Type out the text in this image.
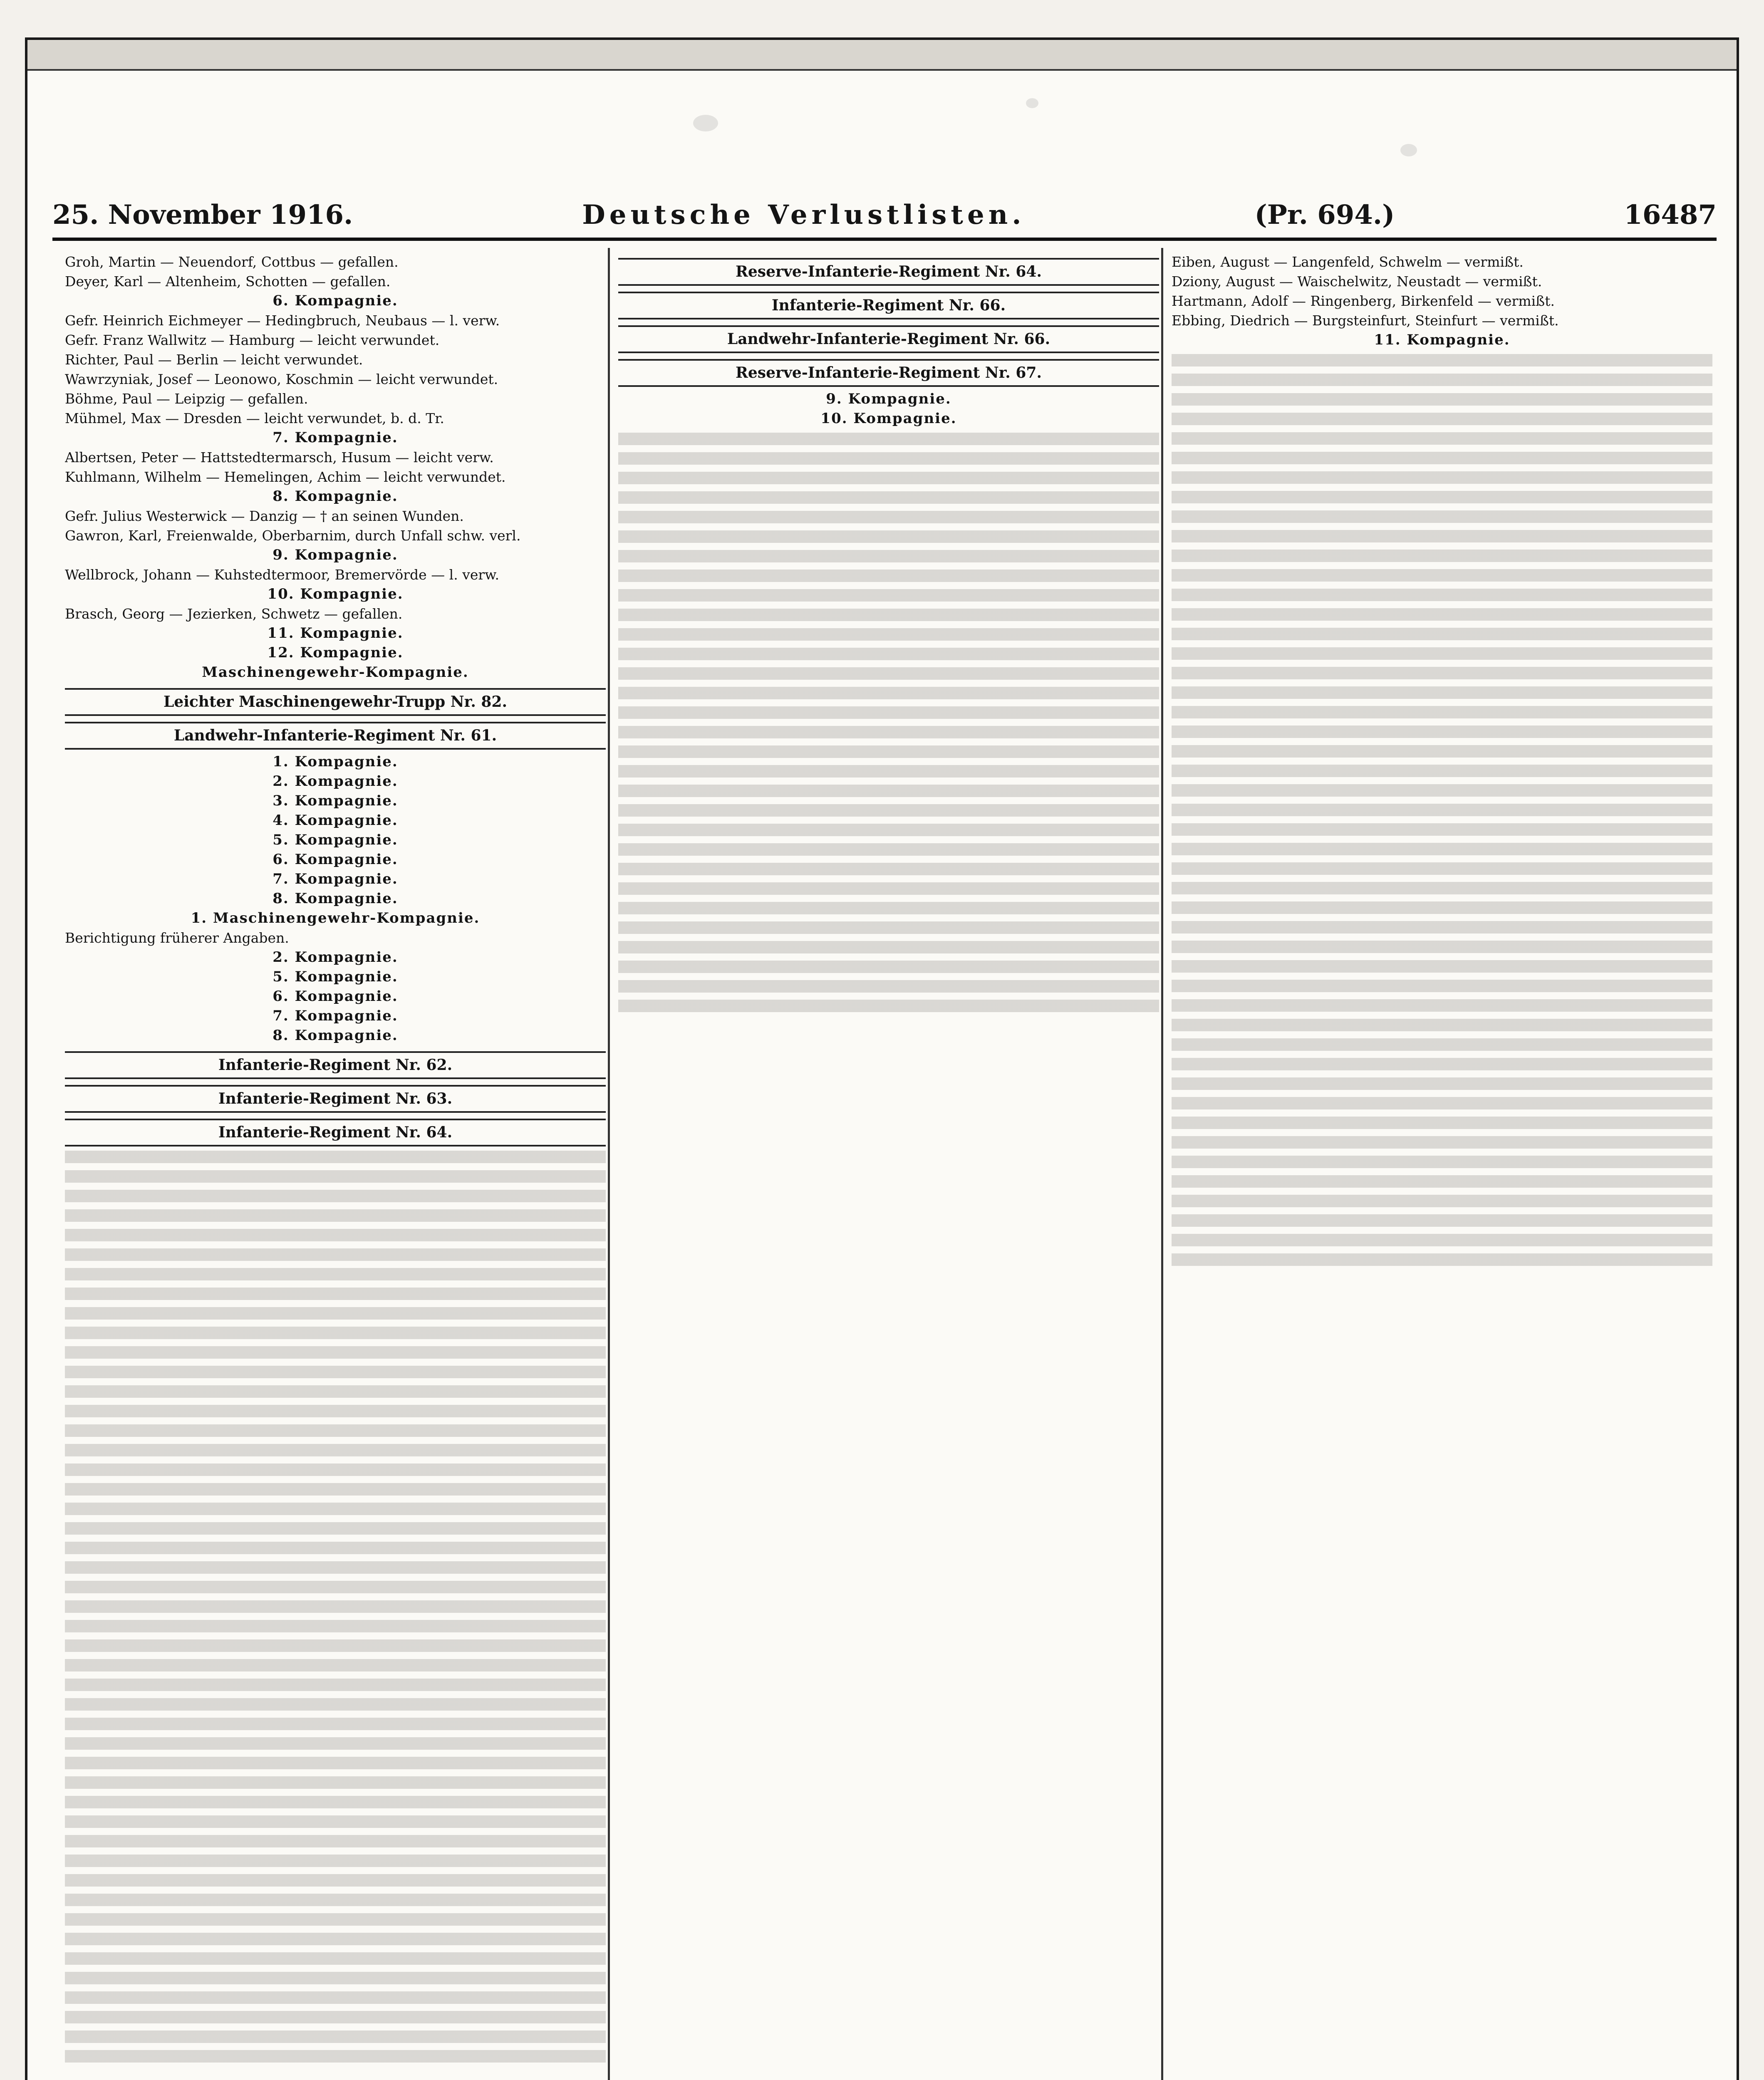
25. November 1916.	Deutsche Verlustlisten.	(Pr. 694.)	16487
Groh, Martin — Neuendorf, Cottbus — gefallen.
Deyer, Karl — Altenheim, Schotten — gefallen.
6. Kompagnie.
Gefr. Heinrich Eichmeyer — Hedingbruch, Neubaus — l. verw.
Gefr. Franz Wallwitz — Hamburg — leicht verwundet.
Richter, Paul — Berlin — leicht verwundet.
Wawrzyniak, Josef — Leonowo, Koschmin — leicht verwundet.
Böhme, Paul — Leipzig — gefallen.
Mühmel, Max — Dresden — leicht verwundet, b. d. Tr.
7. Kompagnie.
Albertsen, Peter — Hattstedtermarsch, Husum — leicht verw.
Kuhlmann, Wilhelm — Hemelingen, Achim — leicht verwundet.
8. Kompagnie.
Gefr. Julius Westerwick — Danzig — † an seinen Wunden.
Gawron, Karl, Freienwalde, Oberbarnim, durch Unfall schw. verl.
9. Kompagnie.
Wellbrock, Johann — Kuhstedtermoor, Bremervörde — l. verw.
10. Kompagnie.
Brasch, Georg — Jezierken, Schwetz — gefallen.
11. Kompagnie.
12. Kompagnie.
Maschinengewehr-Kompagnie.
Leichter Maschinengewehr-Trupp Nr. 82.
Landwehr-Infanterie-Regiment Nr. 61.
1. Kompagnie.
2. Kompagnie.
3. Kompagnie.
4. Kompagnie.
5. Kompagnie.
6. Kompagnie.
7. Kompagnie.
8. Kompagnie.
1. Maschinengewehr-Kompagnie.
Berichtigung früherer Angaben.
2. Kompagnie.
5. Kompagnie.
6. Kompagnie.
7. Kompagnie.
8. Kompagnie.
Infanterie-Regiment Nr. 62.
Infanterie-Regiment Nr. 63.
Infanterie-Regiment Nr. 64.
Reserve-Infanterie-Regiment Nr. 64.
Infanterie-Regiment Nr. 66.
Landwehr-Infanterie-Regiment Nr. 66.
Reserve-Infanterie-Regiment Nr. 67.
9. Kompagnie.
10. Kompagnie.
Eiben, August — Langenfeld, Schwelm — vermißt.
Dziony, August — Waischelwitz, Neustadt — vermißt.
Hartmann, Adolf — Ringenberg, Birkenfeld — vermißt.
Ebbing, Diedrich — Burgsteinfurt, Steinfurt — vermißt.
11. Kompagnie.
